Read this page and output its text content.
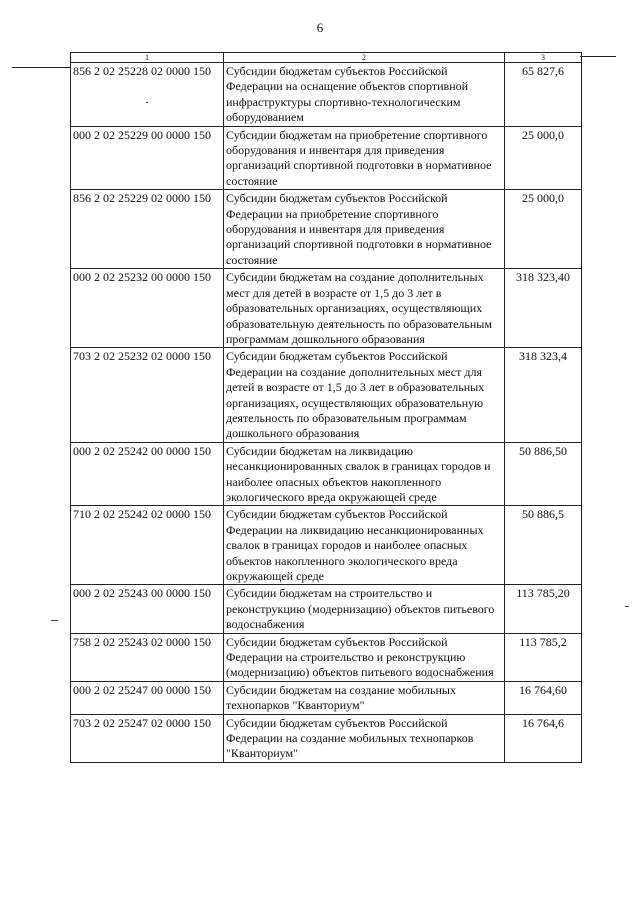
6
1	2	3
856 2 02 25228 02 0000 150	Субсидии бюджетам субъектов Российской Федерации на оснащение объектов спортивной инфраструктуры спортивно-технологическим оборудованием	65 827,6
000 2 02 25229 00 0000 150	Субсидии бюджетам на приобретение спортивного оборудования и инвентаря для приведения организаций спортивной подготовки в нормативное состояние	25 000,0
856 2 02 25229 02 0000 150	Субсидии бюджетам субъектов Российской Федерации на приобретение спортивного оборудования и инвентаря для приведения организаций спортивной подготовки в нормативное состояние	25 000,0
000 2 02 25232 00 0000 150	Субсидии бюджетам на создание дополнительных мест для детей в возрасте от 1,5 до 3 лет в образовательных организациях, осуществляющих образовательную деятельность по образовательным программам дошкольного образования	318 323,40
703 2 02 25232 02 0000 150	Субсидии бюджетам субъектов Российской Федерации на создание дополнительных мест для детей в возрасте от 1,5 до 3 лет в образовательных организациях, осуществляющих образовательную деятельность по образовательным программам дошкольного образования	318 323,4
000 2 02 25242 00 0000 150	Субсидии бюджетам на ликвидацию несанкционированных свалок в границах городов и наиболее опасных объектов накопленного экологического вреда окружающей среде	50 886,50
710 2 02 25242 02 0000 150	Субсидии бюджетам субъектов Российской Федерации на ликвидацию несанкционированных свалок в границах городов и наиболее опасных объектов накопленного экологического вреда окружающей среде	50 886,5
000 2 02 25243 00 0000 150	Субсидии бюджетам на строительство и реконструкцию (модернизацию) объектов питьевого водоснабжения	113 785,20
758 2 02 25243 02 0000 150	Субсидии бюджетам субъектов Российской Федерации на строительство и реконструкцию (модернизацию) объектов питьевого водоснабжения	113 785,2
000 2 02 25247 00 0000 150	Субсидии бюджетам на создание мобильных технопарков "Кванториум"	16 764,60
703 2 02 25247 02 0000 150	Субсидии бюджетам субъектов Российской Федерации на создание мобильных технопарков "Кванториум"	16 764,6
